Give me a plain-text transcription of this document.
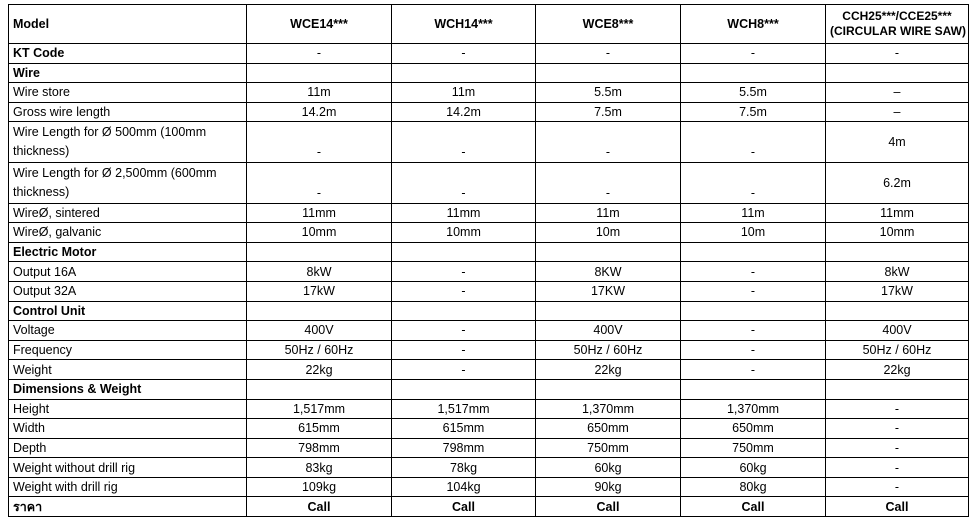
Model	WCE14***	WCH14***	WCE8***	WCH8***	CCH25***/CCE25***
(CIRCULAR WIRE SAW)

KT Code	-	-	-	-	-
Wire					
Wire store	11m	11m	5.5m	5.5m	–
Gross wire length	14.2m	14.2m	7.5m	7.5m	–
Wire Length for Ø 500mm (100mm thickness)	-	-	-	-	4m
Wire Length for Ø 2,500mm (600mm thickness)	-	-	-	-	6.2m
WireØ, sintered	11mm	11mm	11m	11m	11mm
WireØ, galvanic	10mm	10mm	10m	10m	10mm
Electric Motor					
Output 16A	8kW	-	8KW	-	8kW
Output 32A	17kW	-	17KW	-	17kW
Control Unit					
Voltage	400V	-	400V	-	400V
Frequency	50Hz / 60Hz	-	50Hz / 60Hz	-	50Hz / 60Hz
Weight	22kg	-	22kg	-	22kg
Dimensions & Weight					
Height	1,517mm	1,517mm	1,370mm	1,370mm	-
Width	615mm	615mm	650mm	650mm	-
Depth	798mm	798mm	750mm	750mm	-
Weight without drill rig	83kg	78kg	60kg	60kg	-
Weight with drill rig	109kg	104kg	90kg	80kg	-
ราคา	Call	Call	Call	Call	Call
